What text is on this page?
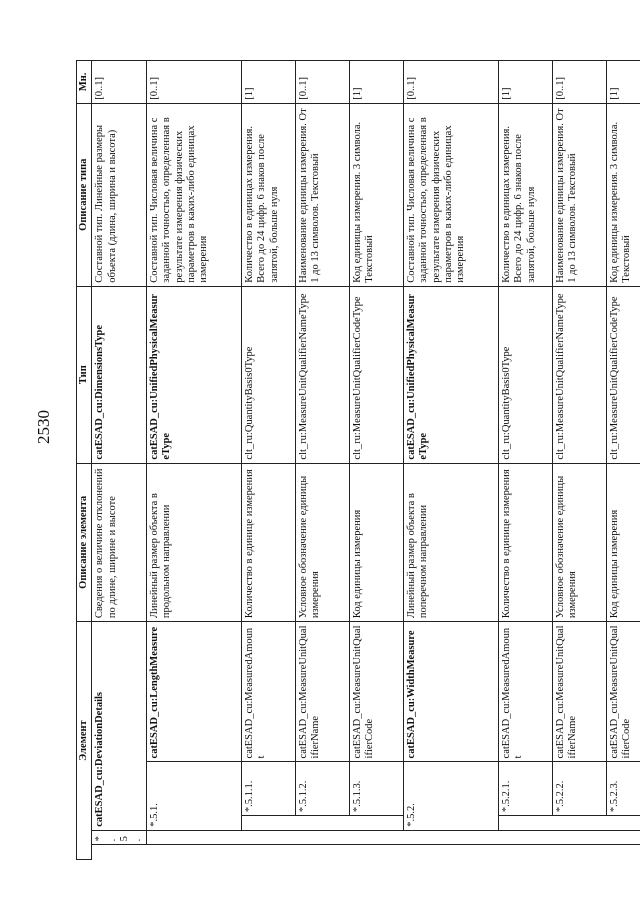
2530
Элемент					Описание элемента	Тип	Описание типа	Мн.
	*.5.	catESAD_cu:DeviationDetails			Сведения о величине отклонений по длине, ширине и высоте	catESAD_cu:DimensionsType	Составной тип. Линейные размеры объекта (длина, ширина и высота)	[0..1]
		*.5.1.		catESAD_cu:LengthMeasure	Линейный размер объекта в продольном направлении	catESAD_cu:UnifiedPhysicalMeasureType	Составной тип. Числовая величина с заданной точностью, определенная в результате измерения физических параметров в каких-либо единицах измерения	[0..1]
			*.5.1.1.	catESAD_cu:MeasuredAmount	Количество в единице измерения	clt_ru:QuantityBasis0Type	Количество в единицах измерения. Всего до 24 цифр. 6 знаков после запятой, больше нуля	[1]
			*.5.1.2.	catESAD_cu:MeasureUnitQualifierName	Условное обозначение единицы измерения	clt_ru:MeasureUnitQualifierNameType	Наименование единицы измерения. От 1 до 13 символов. Текстовый	[0..1]
			*.5.1.3.	catESAD_cu:MeasureUnitQualifierCode	Код единицы измерения	clt_ru:MeasureUnitQualifierCodeType	Код единицы измерения. 3 символа. Текстовый	[1]
		*.5.2.		catESAD_cu:WidthMeasure	Линейный размер объекта в поперечном направлении	catESAD_cu:UnifiedPhysicalMeasureType	Составной тип. Числовая величина с заданной точностью, определенная в результате измерения физических параметров в каких-либо единицах измерения	[0..1]
			*.5.2.1.	catESAD_cu:MeasuredAmount	Количество в единице измерения	clt_ru:QuantityBasis0Type	Количество в единицах измерения. Всего до 24 цифр. 6 знаков после запятой, больше нуля	[1]
			*.5.2.2.	catESAD_cu:MeasureUnitQualifierName	Условное обозначение единицы измерения	clt_ru:MeasureUnitQualifierNameType	Наименование единицы измерения. От 1 до 13 символов. Текстовый	[0..1]
			*.5.2.3.	catESAD_cu:MeasureUnitQualifierCode	Код единицы измерения	clt_ru:MeasureUnitQualifierCodeType	Код единицы измерения. 3 символа. Текстовый	[1]
